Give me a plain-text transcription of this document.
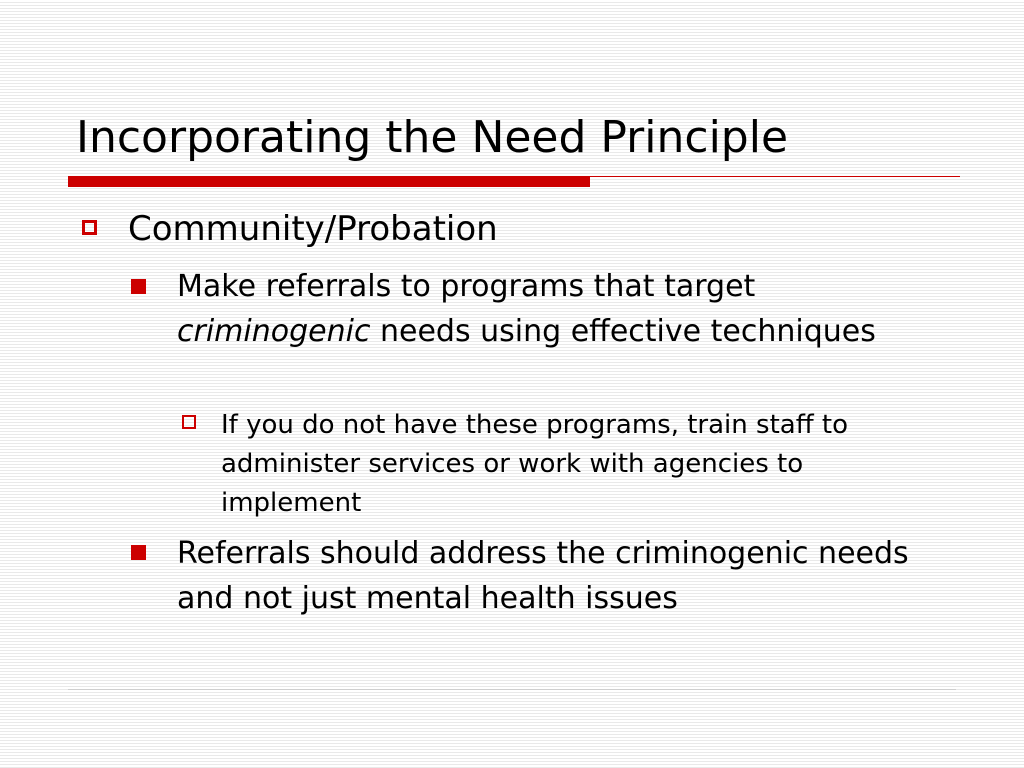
Incorporating the Need Principle
Community/Probation
Make referrals to programs that target criminogenic needs using effective techniques
If you do not have these programs, train staff to administer services or work with agencies to implement
Referrals should address the criminogenic needs and not just mental health issues
